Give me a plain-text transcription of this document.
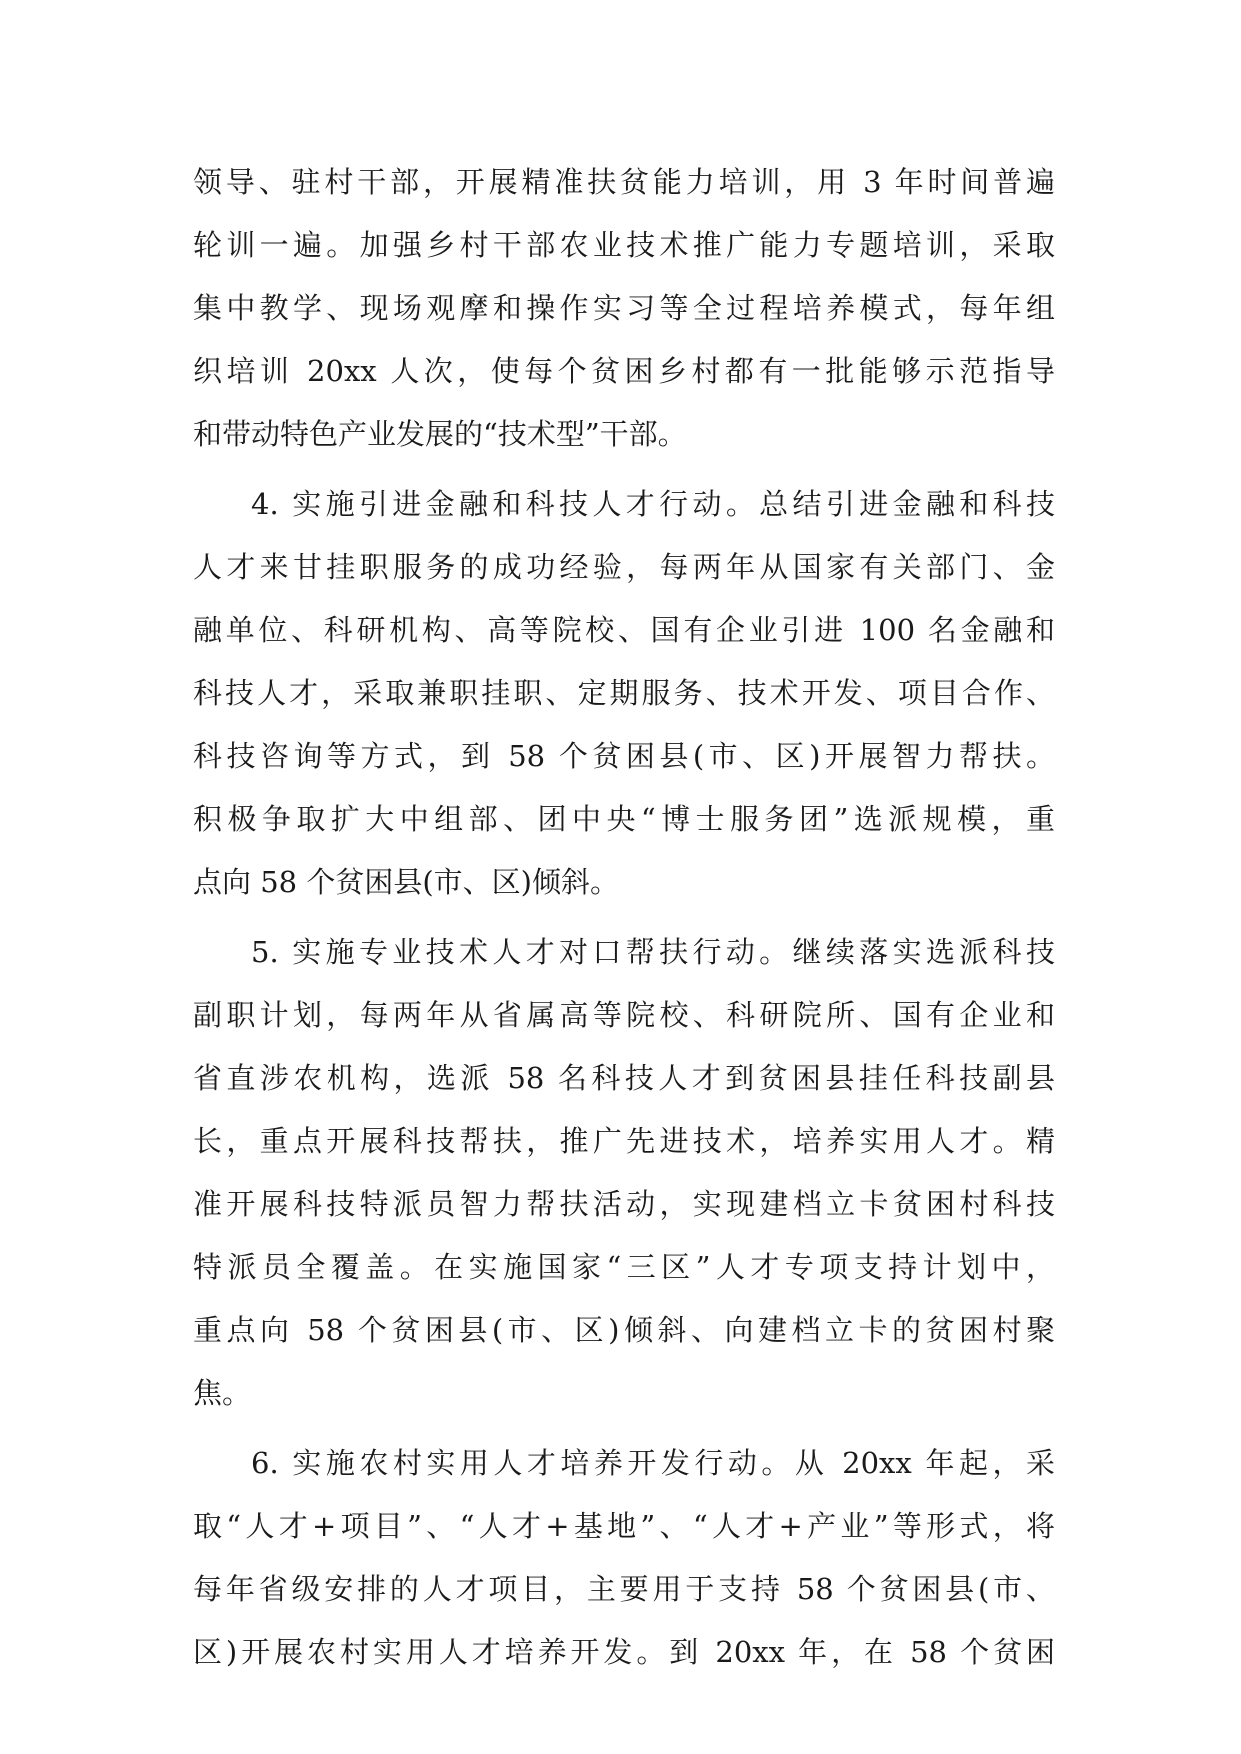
领导、驻村干部，开展精准扶贫能力培训，用 3 年时间普遍
轮训一遍。加强乡村干部农业技术推广能力专题培训，采取
集中教学、现场观摩和操作实习等全过程培养模式，每年组
织培训 20xx 人次，使每个贫困乡村都有一批能够示范指导
和带动特色产业发展的“技术型”干部。
4. 实施引进金融和科技人才行动。总结引进金融和科技
人才来甘挂职服务的成功经验，每两年从国家有关部门、金
融单位、科研机构、高等院校、国有企业引进 100 名金融和
科技人才，采取兼职挂职、定期服务、技术开发、项目合作、
科技咨询等方式，到 58 个贫困县(市、区)开展智力帮扶。
积极争取扩大中组部、团中央“博士服务团”选派规模，重
点向 58 个贫困县(市、区)倾斜。
5. 实施专业技术人才对口帮扶行动。继续落实选派科技
副职计划，每两年从省属高等院校、科研院所、国有企业和
省直涉农机构，选派 58 名科技人才到贫困县挂任科技副县
长，重点开展科技帮扶，推广先进技术，培养实用人才。精
准开展科技特派员智力帮扶活动，实现建档立卡贫困村科技
特派员全覆盖。在实施国家“三区”人才专项支持计划中，
重点向 58 个贫困县(市、区)倾斜、向建档立卡的贫困村聚
焦。
6. 实施农村实用人才培养开发行动。从 20xx 年起，采
取“人才+项目”、“人才+基地”、“人才+产业”等形式，将
每年省级安排的人才项目，主要用于支持 58 个贫困县(市、
区)开展农村实用人才培养开发。到 20xx 年，在 58 个贫困
